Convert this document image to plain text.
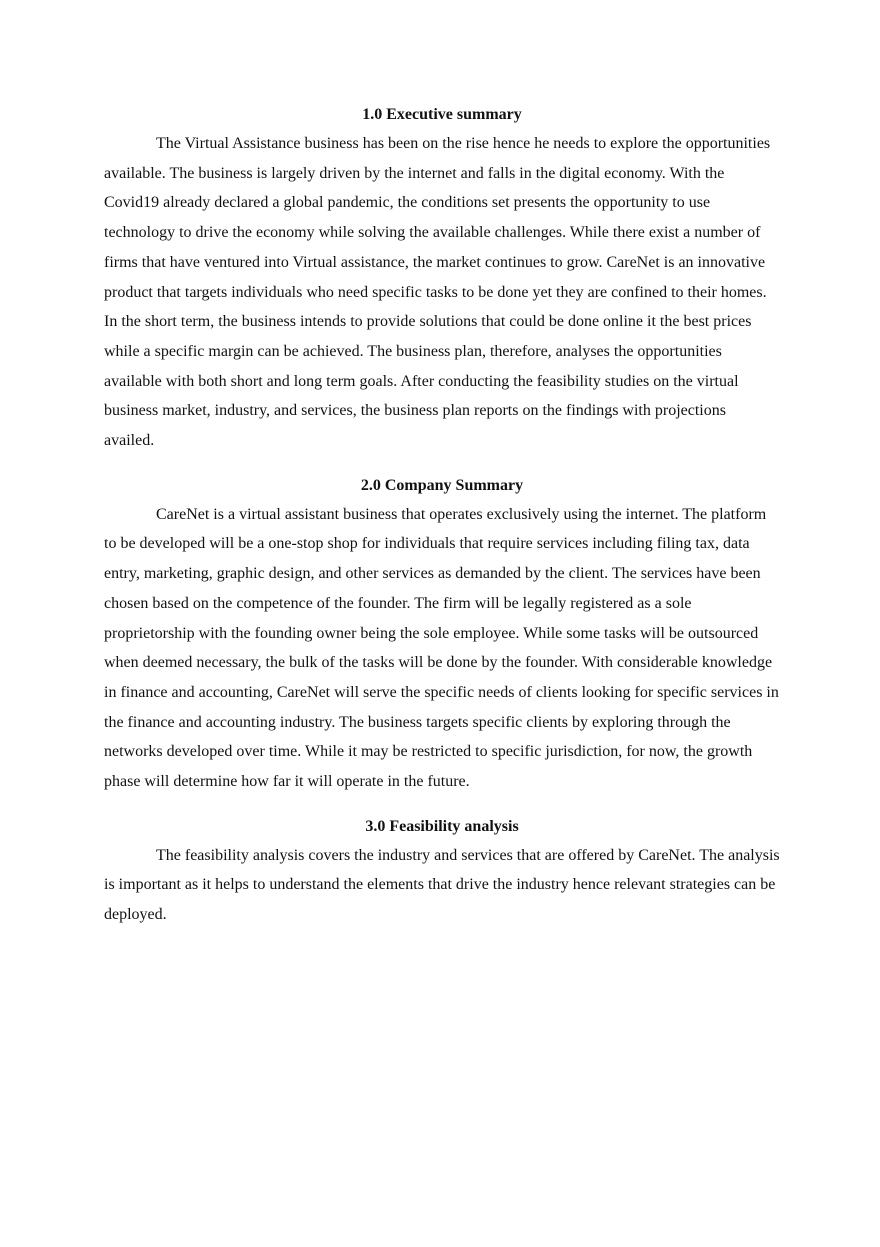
1.0 Executive summary

The Virtual Assistance business has been on the rise hence he needs to explore the opportunities available. The business is largely driven by the internet and falls in the digital economy. With the Covid19 already declared a global pandemic, the conditions set presents the opportunity to use technology to drive the economy while solving the available challenges. While there exist a number of firms that have ventured into Virtual assistance, the market continues to grow. CareNet is an innovative product that targets individuals who need specific tasks to be done yet they are confined to their homes. In the short term, the business intends to provide solutions that could be done online it the best prices while a specific margin can be achieved. The business plan, therefore, analyses the opportunities available with both short and long term goals. After conducting the feasibility studies on the virtual business market, industry, and services, the business plan reports on the findings with projections availed.

2.0 Company Summary

CareNet is a virtual assistant business that operates exclusively using the internet. The platform to be developed will be a one-stop shop for individuals that require services including filing tax, data entry, marketing, graphic design, and other services as demanded by the client. The services have been chosen based on the competence of the founder. The firm will be legally registered as a sole proprietorship with the founding owner being the sole employee. While some tasks will be outsourced when deemed necessary, the bulk of the tasks will be done by the founder. With considerable knowledge in finance and accounting, CareNet will serve the specific needs of clients looking for specific services in the finance and accounting industry. The business targets specific clients by exploring through the networks developed over time. While it may be restricted to specific jurisdiction, for now, the growth phase will determine how far it will operate in the future.

3.0 Feasibility analysis

The feasibility analysis covers the industry and services that are offered by CareNet. The analysis is important as it helps to understand the elements that drive the industry hence relevant strategies can be deployed.
